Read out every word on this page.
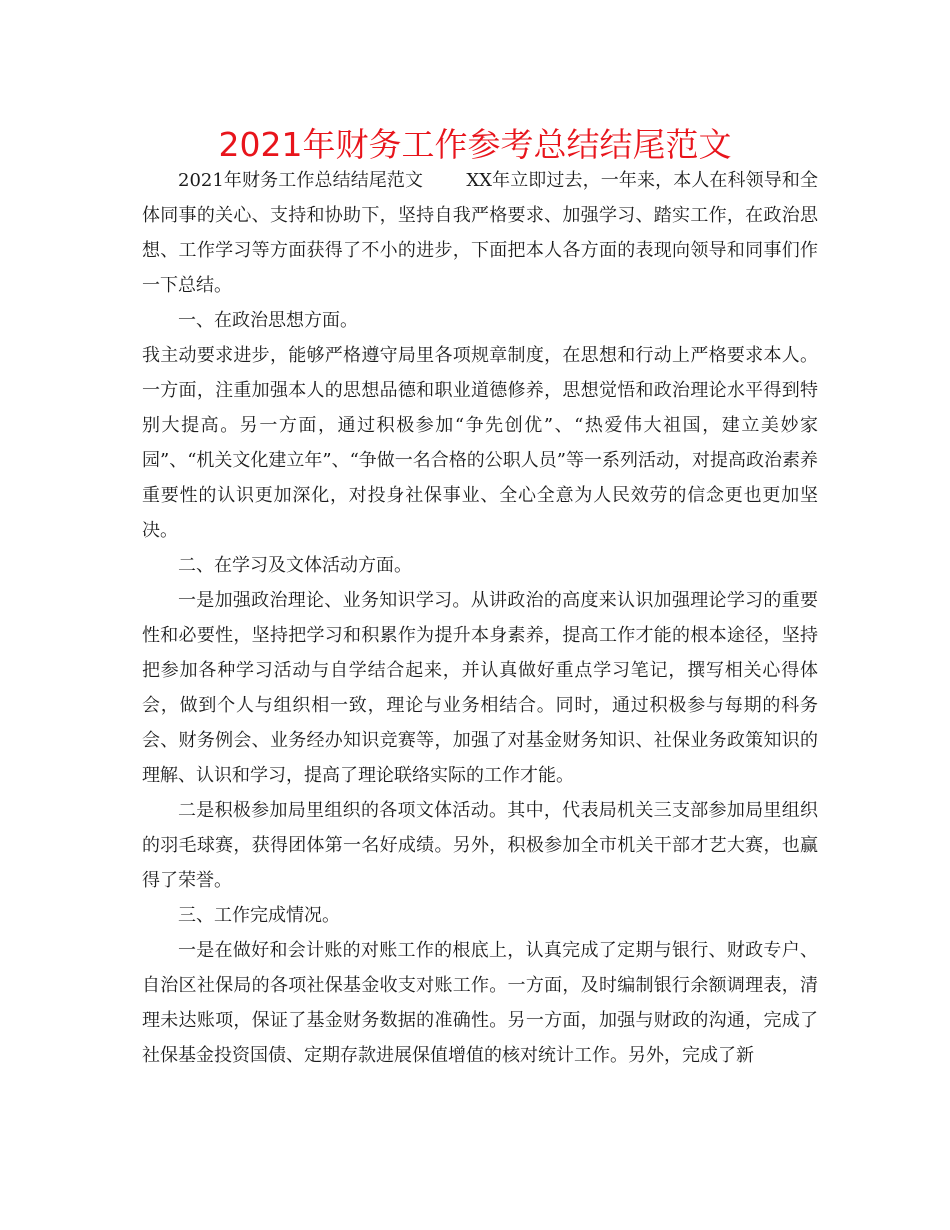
2021年财务工作参考总结结尾范文

2021年财务工作总结结尾范文 XX年立即过去，一年来，本人在科领导和全体同事的关心、支持和协助下，坚持自我严格要求、加强学习、踏实工作，在政治思想、工作学习等方面获得了不小的进步，下面把本人各方面的表现向领导和同事们作一下总结。

一、在政治思想方面。

我主动要求进步，能够严格遵守局里各项规章制度，在思想和行动上严格要求本人。一方面，注重加强本人的思想品德和职业道德修养，思想觉悟和政治理论水平得到特别大提高。另一方面，通过积极参加“争先创优”、“热爱伟大祖国，建立美妙家园”、“机关文化建立年”、“争做一名合格的公职人员”等一系列活动，对提高政治素养重要性的认识更加深化，对投身社保事业、全心全意为人民效劳的信念更也更加坚决。

二、在学习及文体活动方面。

一是加强政治理论、业务知识学习。从讲政治的高度来认识加强理论学习的重要性和必要性，坚持把学习和积累作为提升本身素养，提高工作才能的根本途径，坚持把参加各种学习活动与自学结合起来，并认真做好重点学习笔记，撰写相关心得体会，做到个人与组织相一致，理论与业务相结合。同时，通过积极参与每期的科务会、财务例会、业务经办知识竞赛等，加强了对基金财务知识、社保业务政策知识的理解、认识和学习，提高了理论联络实际的工作才能。

二是积极参加局里组织的各项文体活动。其中，代表局机关三支部参加局里组织的羽毛球赛，获得团体第一名好成绩。另外，积极参加全市机关干部才艺大赛，也赢得了荣誉。

三、工作完成情况。

一是在做好和会计账的对账工作的根底上，认真完成了定期与银行、财政专户、自治区社保局的各项社保基金收支对账工作。一方面，及时编制银行余额调理表，清理未达账项，保证了基金财务数据的准确性。另一方面，加强与财政的沟通，完成了社保基金投资国债、定期存款进展保值增值的核对统计工作。另外，完成了新
